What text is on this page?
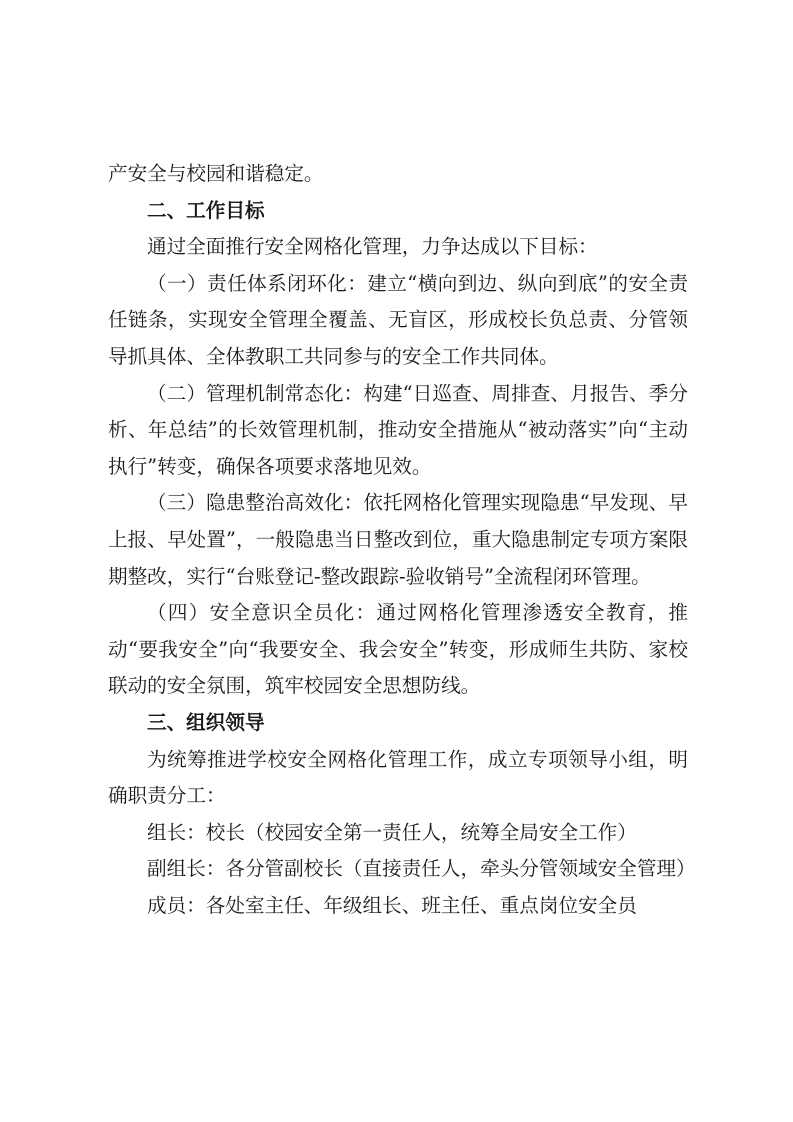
产安全与校园和谐稳定。

二、工作目标

通过全面推行安全网格化管理，力争达成以下目标：

（一）责任体系闭环化：建立“横向到边、纵向到底”的安全责任链条，实现安全管理全覆盖、无盲区，形成校长负总责、分管领导抓具体、全体教职工共同参与的安全工作共同体。

（二）管理机制常态化：构建“日巡查、周排查、月报告、季分析、年总结”的长效管理机制，推动安全措施从“被动落实”向“主动执行”转变，确保各项要求落地见效。

（三）隐患整治高效化：依托网格化管理实现隐患“早发现、早上报、早处置”，一般隐患当日整改到位，重大隐患制定专项方案限期整改，实行“台账登记-整改跟踪-验收销号”全流程闭环管理。

（四）安全意识全员化：通过网格化管理渗透安全教育，推动“要我安全”向“我要安全、我会安全”转变，形成师生共防、家校联动的安全氛围，筑牢校园安全思想防线。

三、组织领导

为统筹推进学校安全网格化管理工作，成立专项领导小组，明确职责分工：

组长：校长（校园安全第一责任人，统筹全局安全工作）

副组长：各分管副校长（直接责任人，牵头分管领域安全管理）

成员：各处室主任、年级组长、班主任、重点岗位安全员
